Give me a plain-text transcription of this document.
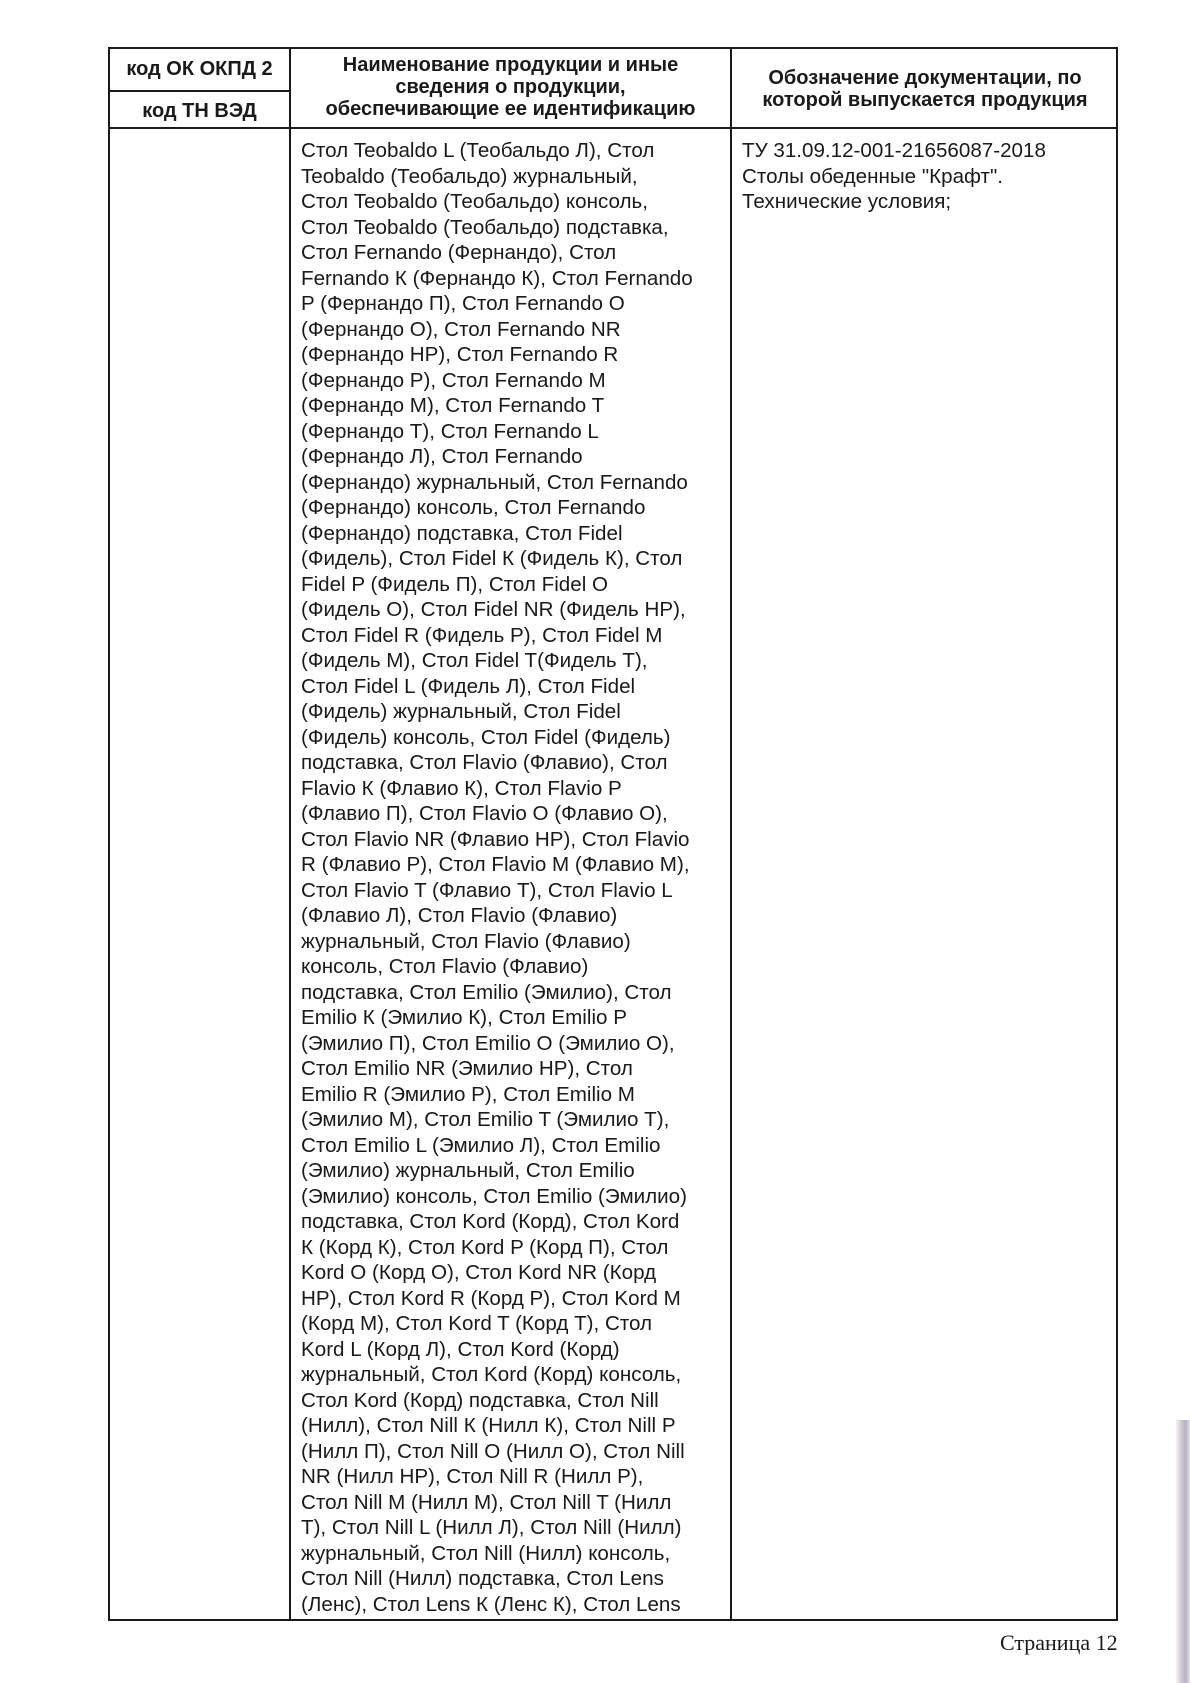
код ОК ОКПД 2
код ТН ВЭД
Наименование продукции и иные
сведения о продукции,
обеспечивающие ее идентификацию
Обозначение документации, по
которой выпускается продукция
Стол Teobaldo L (Теобальдо Л), Стол
Teobaldo (Теобальдо) журнальный,
Стол Teobaldo (Теобальдо) консоль,
Стол Teobaldo (Теобальдо) подставка,
Стол Fernando (Фернандо), Стол
Fernando К (Фернандо К), Стол Fernando
P (Фернандо П), Стол Fernando O
(Фернандо О), Стол Fernando NR
(Фернандо НР), Стол Fernando R
(Фернандо Р), Стол Fernando M
(Фернандо М), Стол Fernando T
(Фернандо Т), Стол Fernando L
(Фернандо Л), Стол Fernando
(Фернандо) журнальный, Стол Fernando
(Фернандо) консоль, Стол Fernando
(Фернандо) подставка, Стол Fidel
(Фидель), Стол Fidel К (Фидель К), Стол
Fidel P (Фидель П), Стол Fidel O
(Фидель О), Стол Fidel NR (Фидель НР),
Стол Fidel R (Фидель Р), Стол Fidel M
(Фидель М), Стол Fidel T(Фидель Т),
Стол Fidel L (Фидель Л), Стол Fidel
(Фидель) журнальный, Стол Fidel
(Фидель) консоль, Стол Fidel (Фидель)
подставка, Стол Flavio (Флавио), Стол
Flavio К (Флавио К), Стол Flavio P
(Флавио П), Стол Flavio O (Флавио О),
Стол Flavio NR (Флавио НР), Стол Flavio
R (Флавио Р), Стол Flavio M (Флавио М),
Стол Flavio T (Флавио Т), Стол Flavio L
(Флавио Л), Стол Flavio (Флавио)
журнальный, Стол Flavio (Флавио)
консоль, Стол Flavio (Флавио)
подставка, Стол Emilio (Эмилио), Стол
Emilio К (Эмилио К), Стол Emilio P
(Эмилио П), Стол Emilio O (Эмилио О),
Стол Emilio NR (Эмилио НР), Стол
Emilio R (Эмилио Р), Стол Emilio M
(Эмилио М), Стол Emilio T (Эмилио Т),
Стол Emilio L (Эмилио Л), Стол Emilio
(Эмилио) журнальный, Стол Emilio
(Эмилио) консоль, Стол Emilio (Эмилио)
подставка, Стол Kord (Корд), Стол Kord
К (Корд К), Стол Kord P (Корд П), Стол
Kord O (Корд О), Стол Kord NR (Корд
НР), Стол Kord R (Корд Р), Стол Kord M
(Корд М), Стол Kord T (Корд Т), Стол
Kord L (Корд Л), Стол Kord (Корд)
журнальный, Стол Kord (Корд) консоль,
Стол Kord (Корд) подставка, Стол Nill
(Нилл), Стол Nill К (Нилл К), Стол Nill P
(Нилл П), Стол Nill O (Нилл О), Стол Nill
NR (Нилл НР), Стол Nill R (Нилл Р),
Стол Nill M (Нилл М), Стол Nill T (Нилл
Т), Стол Nill L (Нилл Л), Стол Nill (Нилл)
журнальный, Стол Nill (Нилл) консоль,
Стол Nill (Нилл) подставка, Стол Lens
(Ленс), Стол Lens К (Ленс К), Стол Lens
ТУ 31.09.12-001-21656087-2018
Столы обеденные "Крафт".
Технические условия;
Страница 12
